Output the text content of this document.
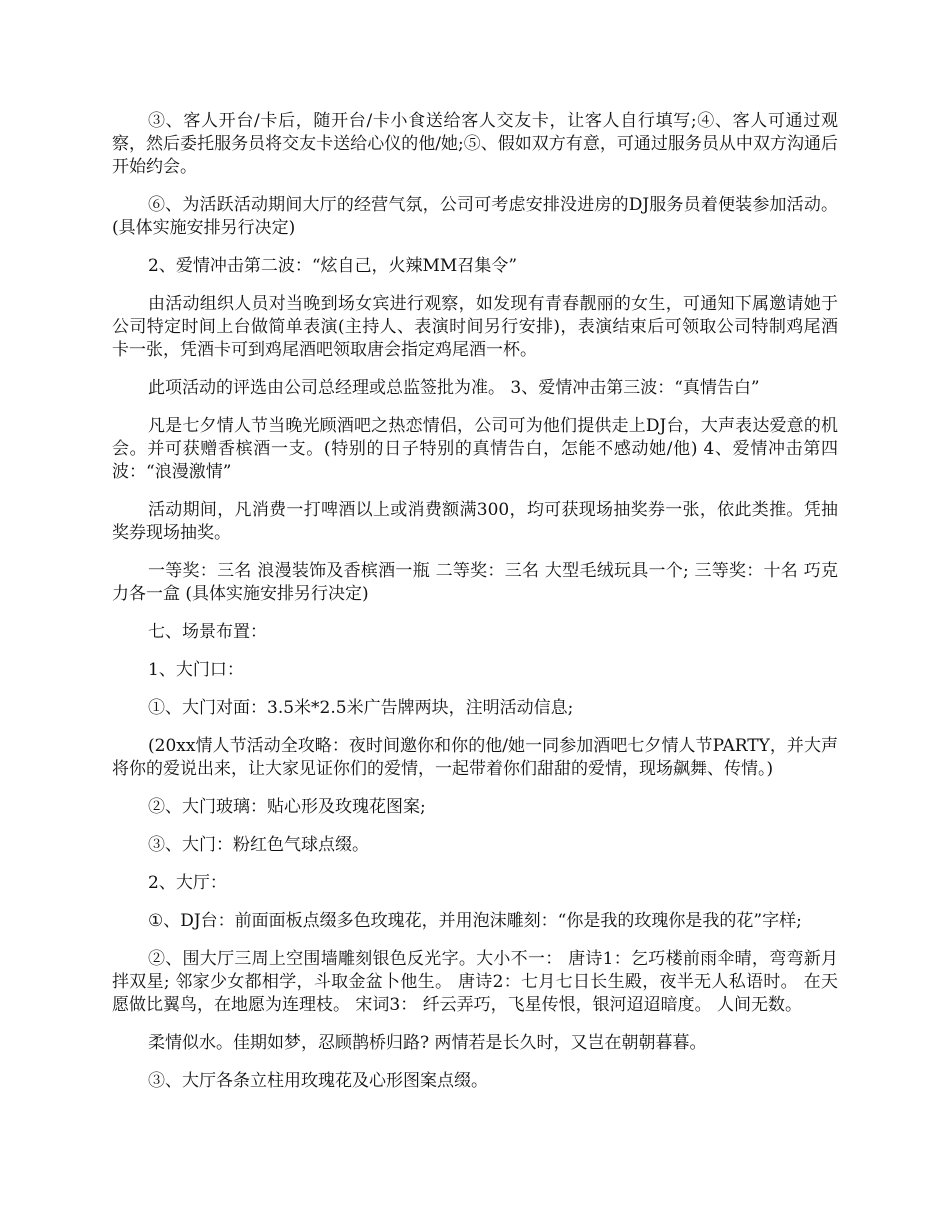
③、客人开台/卡后，随开台/卡小食送给客人交友卡，让客人自行填写;④、客人可通过观察，然后委托服务员将交友卡送给心仪的他/她;⑤、假如双方有意，可通过服务员从中双方沟通后开始约会。

⑥、为活跃活动期间大厅的经营气氛，公司可考虑安排没进房的DJ服务员着便装参加活动。(具体实施安排另行决定)

2、爱情冲击第二波：“炫自己，火辣MM召集令”

由活动组织人员对当晚到场女宾进行观察，如发现有青春靓丽的女生，可通知下属邀请她于公司特定时间上台做简单表演(主持人、表演时间另行安排)，表演结束后可领取公司特制鸡尾酒卡一张，凭酒卡可到鸡尾酒吧领取唐会指定鸡尾酒一杯。

此项活动的评选由公司总经理或总监签批为准。 3、爱情冲击第三波：“真情告白”

凡是七夕情人节当晚光顾酒吧之热恋情侣，公司可为他们提供走上DJ台，大声表达爱意的机会。并可获赠香槟酒一支。(特别的日子特别的真情告白，怎能不感动她/他) 4、爱情冲击第四波：“浪漫激情”

活动期间，凡消费一打啤酒以上或消费额满300，均可获现场抽奖券一张，依此类推。凭抽奖券现场抽奖。

一等奖：三名 浪漫装饰及香槟酒一瓶 二等奖：三名 大型毛绒玩具一个; 三等奖：十名 巧克力各一盒 (具体实施安排另行决定)

七、场景布置：

1、大门口：

①、大门对面：3.5米*2.5米广告牌两块，注明活动信息;

(20xx情人节活动全攻略：夜时间邀你和你的他/她一同参加酒吧七夕情人节PARTY，并大声将你的爱说出来，让大家见证你们的爱情，一起带着你们甜甜的爱情，现场飙舞、传情。)

②、大门玻璃：贴心形及玫瑰花图案;

③、大门：粉红色气球点缀。

2、大厅：

①、DJ台：前面面板点缀多色玫瑰花，并用泡沫雕刻：“你是我的玫瑰你是我的花”字样;

②、围大厅三周上空围墙雕刻银色反光字。大小不一： 唐诗1：乞巧楼前雨伞晴，弯弯新月拌双星; 邻家少女都相学，斗取金盆卜他生。 唐诗2：七月七日长生殿，夜半无人私语时。 在天愿做比翼鸟，在地愿为连理枝。 宋词3： 纤云弄巧，飞星传恨，银河迢迢暗度。 人间无数。

柔情似水。佳期如梦，忍顾鹊桥归路? 两情若是长久时，又岂在朝朝暮暮。

③、大厅各条立柱用玫瑰花及心形图案点缀。
